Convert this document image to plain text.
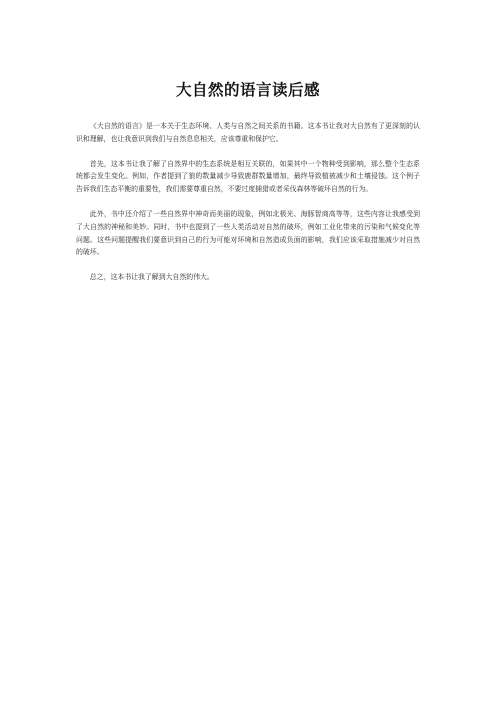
大自然的语言读后感

《大自然的语言》是一本关于生态环境、人类与自然之间关系的书籍。这本书让我对大自然有了更深刻的认识和理解，也让我意识到我们与自然息息相关，应该尊重和保护它。

首先，这本书让我了解了自然界中的生态系统是相互关联的，如果其中一个物种受到影响，那么整个生态系统都会发生变化。例如，作者提到了狼的数量减少导致鹿群数量增加，最终导致植被减少和土壤侵蚀。这个例子告诉我们生态平衡的重要性，我们需要尊重自然，不要过度捕猎或者采伐森林等破坏自然的行为。

此外，书中还介绍了一些自然界中神奇而美丽的现象，例如北极光、海豚智商高等等，这些内容让我感受到了大自然的神秘和美妙。同时，书中也提到了一些人类活动对自然的破坏，例如工业化带来的污染和气候变化等问题。这些问题提醒我们要意识到自己的行为可能对环境和自然造成负面的影响，我们应该采取措施减少对自然的破坏。

总之，这本书让我了解到大自然的伟大。
